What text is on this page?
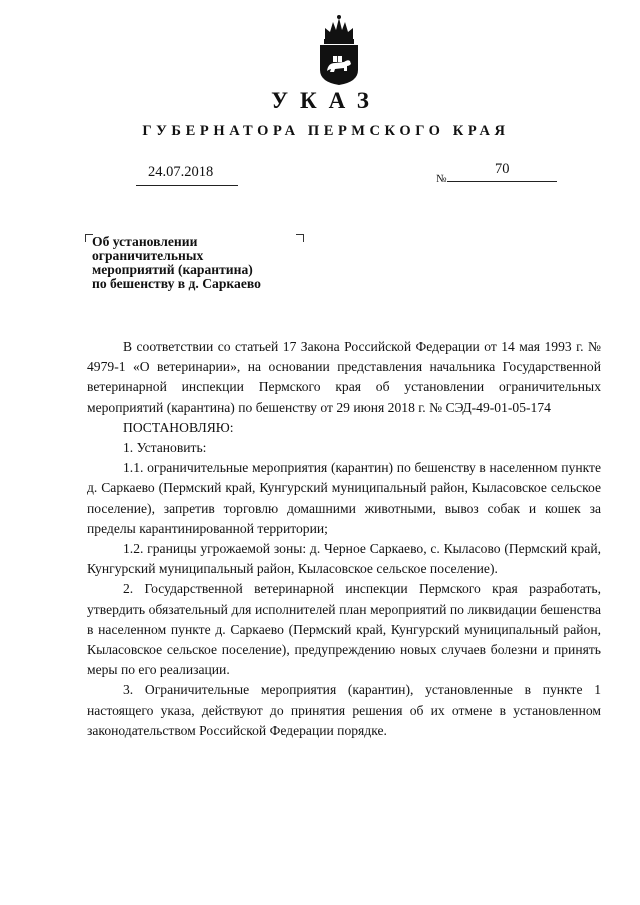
УКАЗ
ГУБЕРНАТОРА ПЕРМСКОГО КРАЯ
24.07.2018	№
70
Об установлении
ограничительных
мероприятий (карантина)
по бешенству в д. Саркаево

В соответствии со статьей 17 Закона Российской Федерации от 14 мая 1993 г. № 4979-1 «О ветеринарии», на основании представления начальника Государственной ветеринарной инспекции Пермского края об установлении ограничительных мероприятий (карантина) по бешенству от 29 июня 2018 г. № СЭД-49-01-05-174

ПОСТАНОВЛЯЮ:

1. Установить:

1.1. ограничительные мероприятия (карантин) по бешенству в населенном пункте д. Саркаево (Пермский край, Кунгурский муниципальный район, Кыласовское сельское поселение), запретив торговлю домашними животными, вывоз собак и кошек за пределы карантинированной территории;

1.2. границы угрожаемой зоны: д. Черное Саркаево, с. Кыласово (Пермский край, Кунгурский муниципальный район, Кыласовское сельское поселение).

2. Государственной ветеринарной инспекции Пермского края разработать, утвердить обязательный для исполнителей план мероприятий по ликвидации бешенства в населенном пункте д. Саркаево (Пермский край, Кунгурский муниципальный район, Кыласовское сельское поселение), предупреждению новых случаев болезни и принять меры по его реализации.

3. Ограничительные мероприятия (карантин), установленные в пункте 1 настоящего указа, действуют до принятия решения об их отмене в установленном законодательством Российской Федерации порядке.
